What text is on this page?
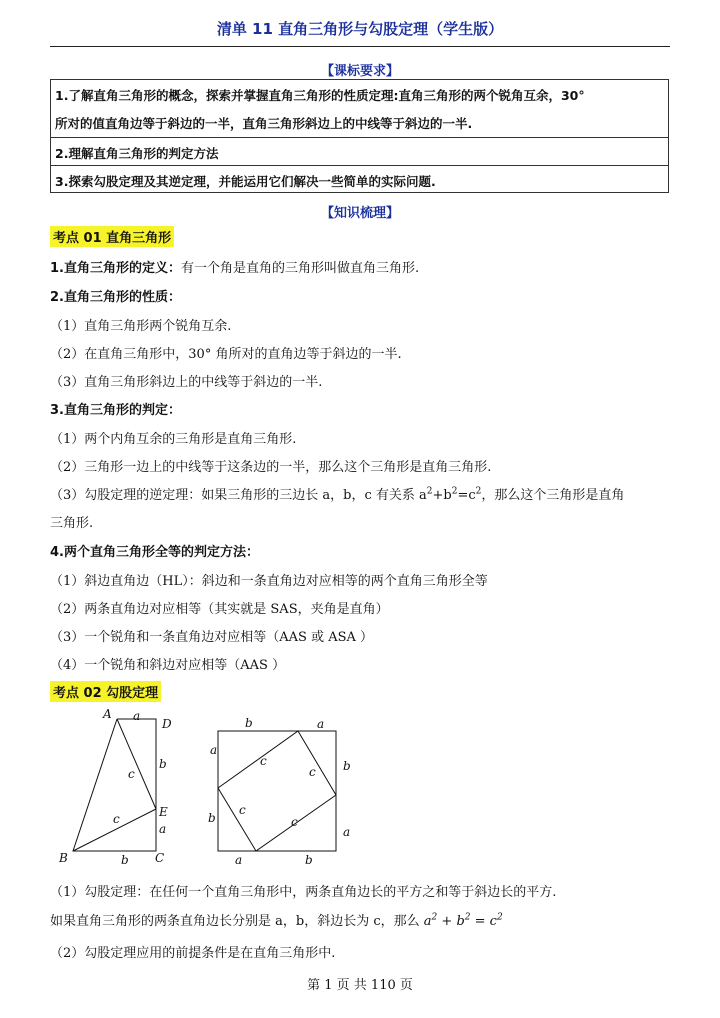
清单 11 直角三角形与勾股定理（学生版）
【课标要求】
1.了解直角三角形的概念，探索并掌握直角三角形的性质定理:直角三角形的两个锐角互余，30°
所对的值直角边等于斜边的一半，直角三角形斜边上的中线等于斜边的一半.
2.理解直角三角形的判定方法
3.探索勾股定理及其逆定理，并能运用它们解决一些简单的实际问题.
【知识梳理】
考点 01 直角三角形
1.直角三角形的定义：有一个角是直角的三角形叫做直角三角形.
2.直角三角形的性质：
（1）直角三角形两个锐角互余.
（2）在直角三角形中，30° 角所对的直角边等于斜边的一半.
（3）直角三角形斜边上的中线等于斜边的一半.
3.直角三角形的判定：
（1）两个内角互余的三角形是直角三角形.
（2）三角形一边上的中线等于这条边的一半，那么这个三角形是直角三角形.
（3）勾股定理的逆定理：如果三角形的三边长 a，b，c 有关系 $a^2+b^2=c^2$，那么这个三角形是直角
三角形.
4.两个直角三角形全等的判定方法：
（1）斜边直角边（HL）：斜边和一条直角边对应相等的两个直角三角形全等
（2）两条直角边对应相等（其实就是 SAS，夹角是直角）
（3）一个锐角和一条直角边对应相等（AAS 或 ASA ）
（4）一个锐角和斜边对应相等（AAS ）
考点 02 勾股定理
A a
D
c
b
E
c
a
B	b C
b	a
a
c
c b
c
b	c
a
a	b
（1）勾股定理：在任何一个直角三角形中，两条直角边长的平方之和等于斜边长的平方.
如果直角三角形的两条直角边长分别是 a，b，斜边长为 c，那么 $a^2 + b^2 = c^2$
（2）勾股定理应用的前提条件是在直角三角形中.
第 1 页 共 110 页
